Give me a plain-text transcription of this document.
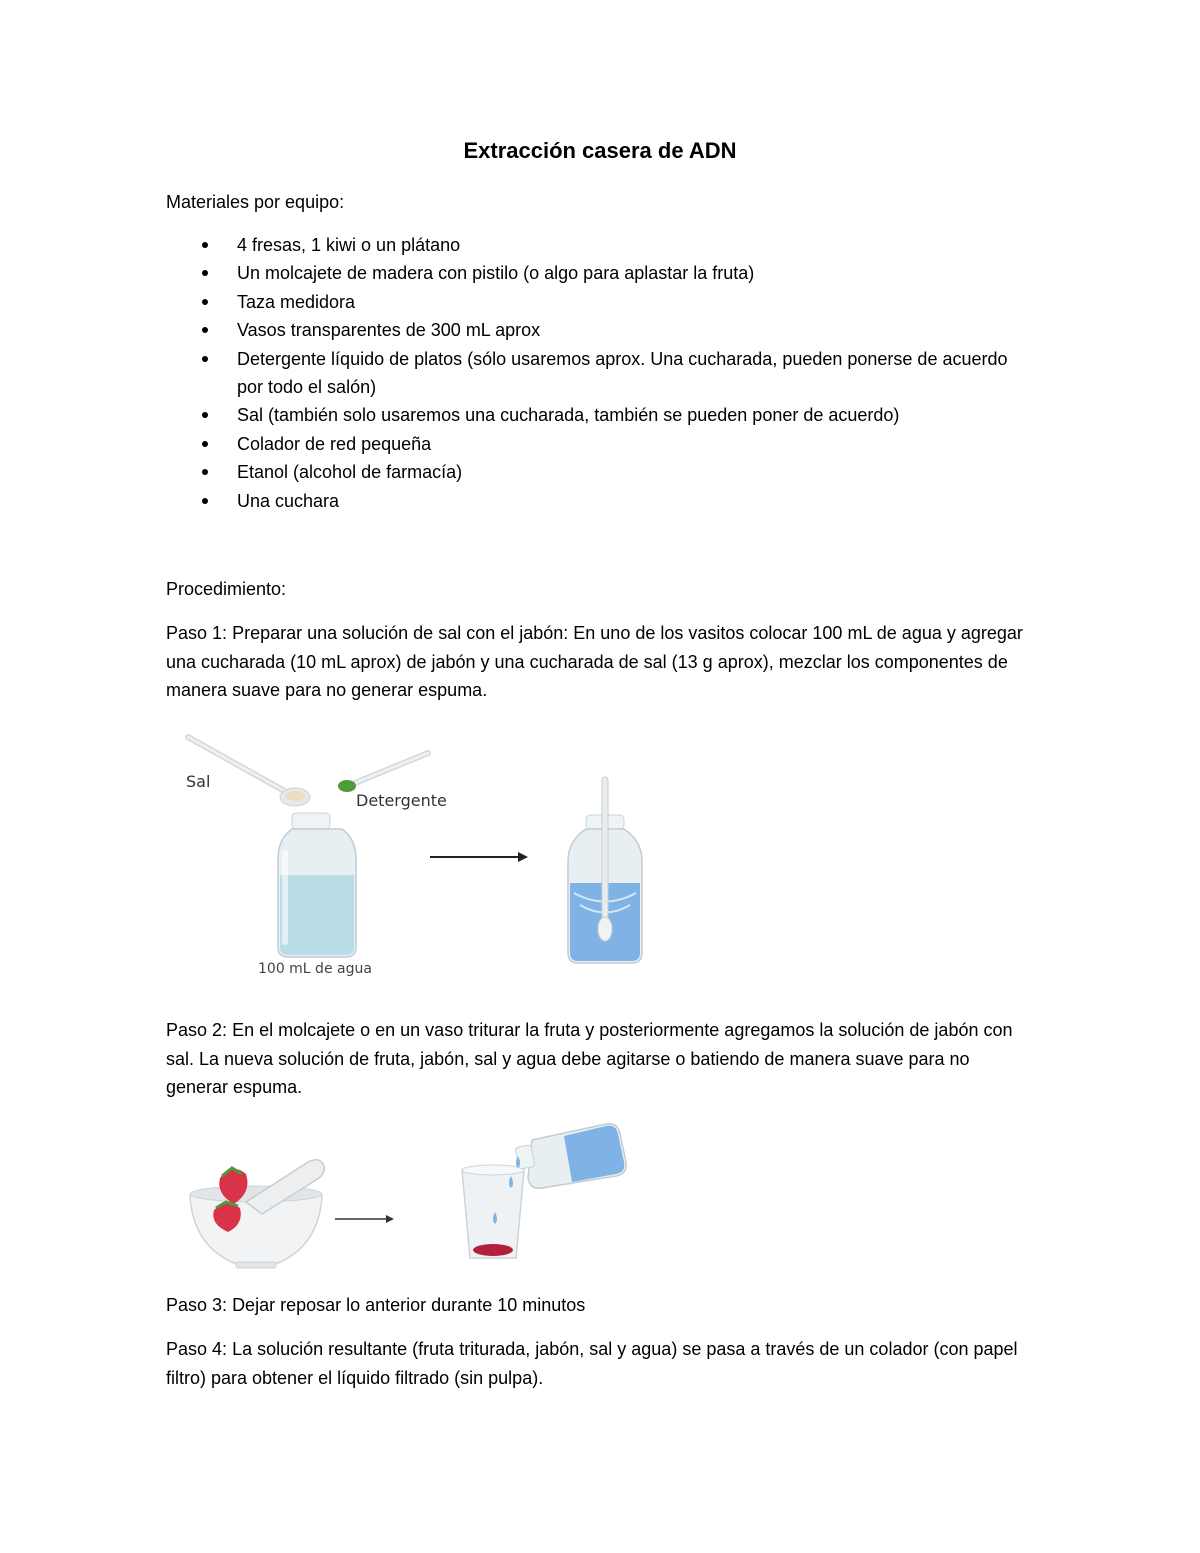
Extracción casera de ADN

Materiales por equipo:

4 fresas, 1 kiwi o un plátano
Un molcajete de madera con pistilo (o algo para aplastar la fruta)
Taza medidora
Vasos transparentes de 300 mL aprox
Detergente líquido de platos (sólo usaremos aprox. Una cucharada, pueden ponerse de acuerdo por todo el salón)
Sal (también solo usaremos una cucharada, también se pueden poner de acuerdo)
Colador de red pequeña
Etanol (alcohol de farmacía)
Una cuchara

Procedimiento:

Paso 1: Preparar una solución de sal con el jabón: En uno de los vasitos colocar 100 mL de agua y agregar una cucharada (10 mL aprox) de jabón y una cucharada de sal (13 g aprox), mezclar los componentes de manera suave para no generar espuma.

Sal

Detergente

100 mL de agua

Paso 2: En el molcajete o en un vaso triturar la fruta y posteriormente agregamos la solución de jabón con sal. La nueva solución de fruta, jabón, sal y agua debe agitarse o batiendo de manera suave para no generar espuma.

Paso 3: Dejar reposar lo anterior durante 10 minutos

Paso 4: La solución resultante (fruta triturada, jabón, sal y agua) se pasa a través de un colador (con papel filtro) para obtener el líquido filtrado (sin pulpa).
